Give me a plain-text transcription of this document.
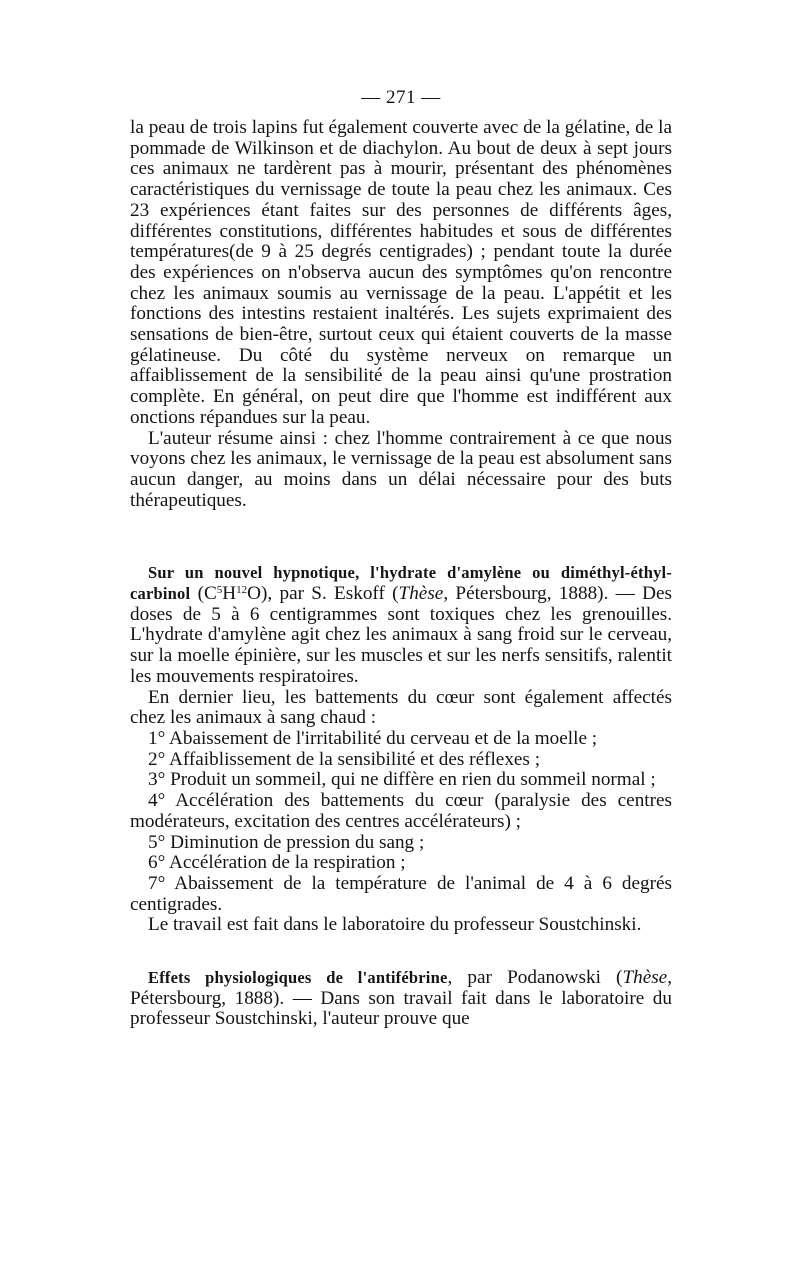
— 271 —

la peau de trois lapins fut également couverte avec de la gélatine, de la pommade de Wilkinson et de diachylon. Au bout de deux à sept jours ces animaux ne tardèrent pas à mourir, présentant des phénomènes caractéristiques du vernissage de toute la peau chez les animaux. Ces 23 expériences étant faites sur des personnes de différents âges, différentes constitutions, différentes habitudes et sous de différentes températures(de 9 à 25 degrés centigrades) ; pendant toute la durée des expériences on n'observa aucun des symptômes qu'on rencontre chez les animaux soumis au vernissage de la peau. L'appétit et les fonctions des intestins restaient inaltérés. Les sujets exprimaient des sensations de bien-être, surtout ceux qui étaient couverts de la masse gélatineuse. Du côté du système nerveux on remarque un affaiblissement de la sensibilité de la peau ainsi qu'une prostration complète. En général, on peut dire que l'homme est indifférent aux onctions répandues sur la peau.

L'auteur résume ainsi : chez l'homme contrairement à ce que nous voyons chez les animaux, le vernissage de la peau est absolument sans aucun danger, au moins dans un délai nécessaire pour des buts thérapeutiques.

Sur un nouvel hypnotique, l'hydrate d'amylène ou diméthyl-éthyl-carbinol $(C^5H^{12}O)$, par S. Eskoff (Thèse, Pétersbourg, 1888). — Des doses de 5 à 6 centigrammes sont toxiques chez les grenouilles. L'hydrate d'amylène agit chez les animaux à sang froid sur le cerveau, sur la moelle épinière, sur les muscles et sur les nerfs sensitifs, ralentit les mouvements respiratoires.

En dernier lieu, les battements du cœur sont également affectés chez les animaux à sang chaud :

1° Abaissement de l'irritabilité du cerveau et de la moelle ;

2° Affaiblissement de la sensibilité et des réflexes ;

3° Produit un sommeil, qui ne diffère en rien du sommeil normal ;

4° Accélération des battements du cœur (paralysie des centres modérateurs, excitation des centres accélérateurs) ;

5° Diminution de pression du sang ;

6° Accélération de la respiration ;

7° Abaissement de la température de l'animal de 4 à 6 degrés centigrades.

Le travail est fait dans le laboratoire du professeur Soustchinski.

Effets physiologiques de l'antifébrine, par Podanowski (Thèse, Pétersbourg, 1888). — Dans son travail fait dans le laboratoire du professeur Soustchinski, l'auteur prouve que
